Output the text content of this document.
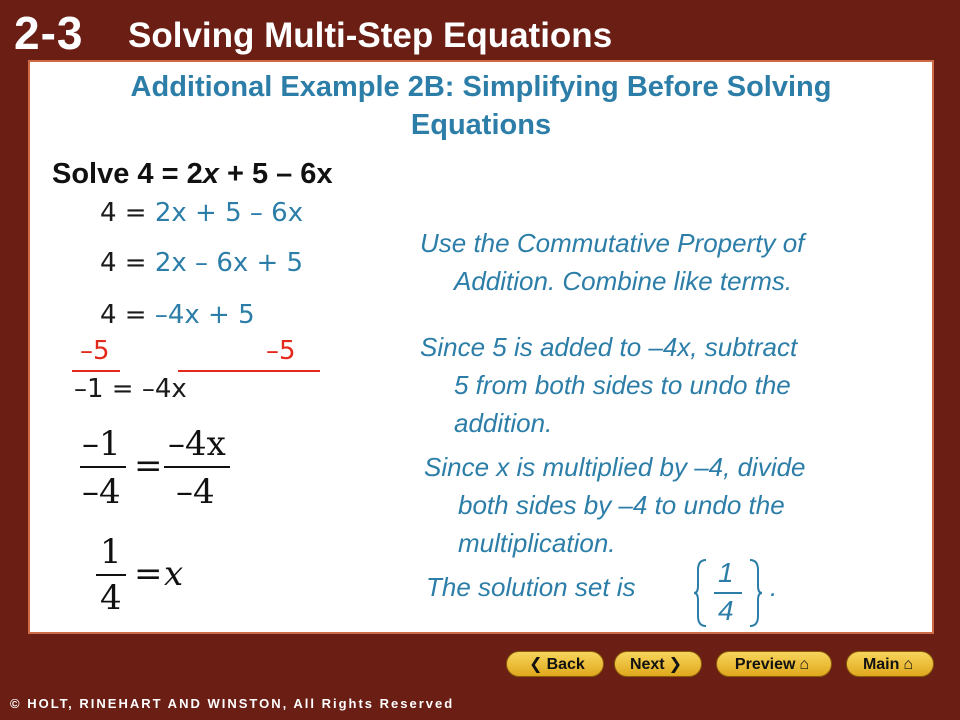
2-3 Solving Multi-Step Equations
Additional Example 2B: Simplifying Before Solving
Equations
Solve 4 = 2x + 5 – 6x
4 = 2x + 5 – 6x
4 = 2x – 6x + 5
4 = –4x + 5
–5	–5
–1 = –4x
–1
–4
=
–4x
–4
1
4
= x
Use the Commutative Property of
Addition. Combine like terms.
Since 5 is added to –4x, subtract
5 from both sides to undo the
addition.
Since x is multiplied by –4, divide
both sides by –4 to undo the
multiplication.
The solution set is	1
4
.
❮ Back	Next ❯	Preview ⌂	Main ⌂
© HOLT, RINEHART AND WINSTON, All Rights Reserved
